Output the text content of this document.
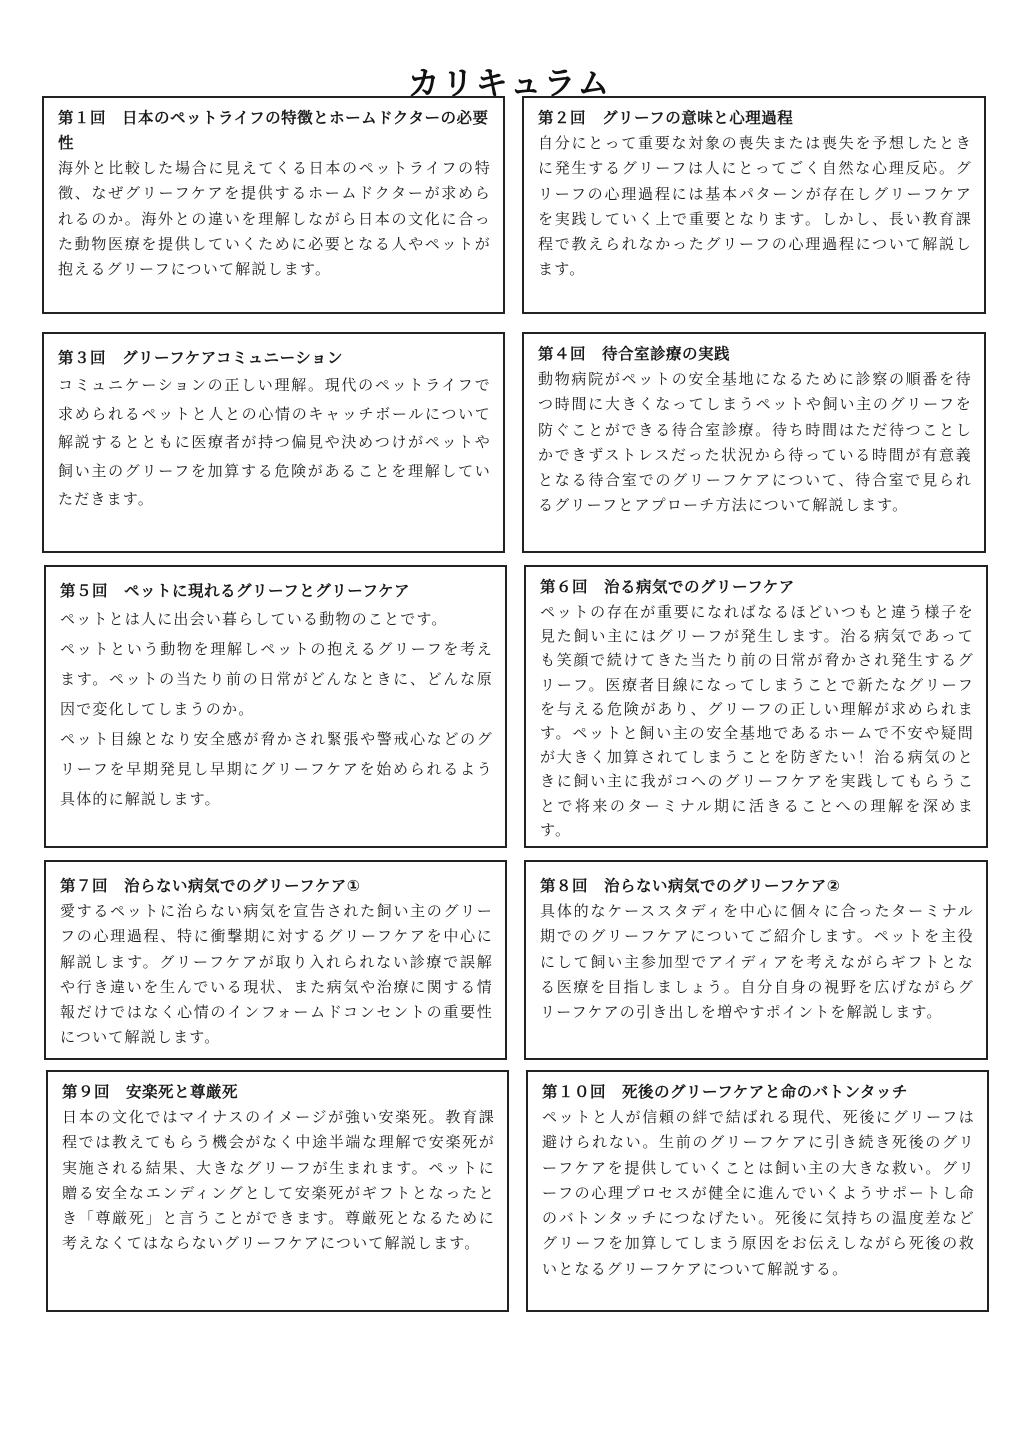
カリキュラム
第１回　日本のペットライフの特徴とホームドクターの必要性
海外と比較した場合に見えてくる日本のペットライフの特徴、なぜグリーフケアを提供するホームドクターが求められるのか。海外との違いを理解しながら日本の文化に合った動物医療を提供していくために必要となる人やペットが抱えるグリーフについて解説します。
第２回　グリーフの意味と心理過程
自分にとって重要な対象の喪失または喪失を予想したときに発生するグリーフは人にとってごく自然な心理反応。グリーフの心理過程には基本パターンが存在しグリーフケアを実践していく上で重要となります。しかし、長い教育課程で教えられなかったグリーフの心理過程について解説します。
第３回　グリーフケアコミュニーション
コミュニケーションの正しい理解。現代のペットライフで求められるペットと人との心情のキャッチボールについて解説するとともに医療者が持つ偏見や決めつけがペットや飼い主のグリーフを加算する危険があることを理解していただきます。
第４回　待合室診療の実践
動物病院がペットの安全基地になるために診察の順番を待つ時間に大きくなってしまうペットや飼い主のグリーフを防ぐことができる待合室診療。待ち時間はただ待つことしかできずストレスだった状況から待っている時間が有意義となる待合室でのグリーフケアについて、待合室で見られるグリーフとアプローチ方法について解説します。
第５回　ペットに現れるグリーフとグリーフケア
ペットとは人に出会い暮らしている動物のことです。
ペットという動物を理解しペットの抱えるグリーフを考えます。ペットの当たり前の日常がどんなときに、どんな原因で変化してしまうのか。
ペット目線となり安全感が脅かされ緊張や警戒心などのグリーフを早期発見し早期にグリーフケアを始められるよう具体的に解説します。
第６回　治る病気でのグリーフケア
ペットの存在が重要になればなるほどいつもと違う様子を見た飼い主にはグリーフが発生します。治る病気であっても笑顔で続けてきた当たり前の日常が脅かされ発生するグリーフ。医療者目線になってしまうことで新たなグリーフを与える危険があり、グリーフの正しい理解が求められます。ペットと飼い主の安全基地であるホームで不安や疑問が大きく加算されてしまうことを防ぎたい！治る病気のときに飼い主に我がコへのグリーフケアを実践してもらうことで将来のターミナル期に活きることへの理解を深めます。
第７回　治らない病気でのグリーフケア①
愛するペットに治らない病気を宣告された飼い主のグリーフの心理過程、特に衝撃期に対するグリーフケアを中心に解説します。グリーフケアが取り入れられない診療で誤解や行き違いを生んでいる現状、また病気や治療に関する情報だけではなく心情のインフォームドコンセントの重要性について解説します。
第８回　治らない病気でのグリーフケア②
具体的なケーススタディを中心に個々に合ったターミナル期でのグリーフケアについてご紹介します。ペットを主役にして飼い主参加型でアイディアを考えながらギフトとなる医療を目指しましょう。自分自身の視野を広げながらグリーフケアの引き出しを増やすポイントを解説します。
第９回　安楽死と尊厳死
日本の文化ではマイナスのイメージが強い安楽死。教育課程では教えてもらう機会がなく中途半端な理解で安楽死が実施される結果、大きなグリーフが生まれます。ペットに贈る安全なエンディングとして安楽死がギフトとなったとき「尊厳死」と言うことができます。尊厳死となるために考えなくてはならないグリーフケアについて解説します。
第１０回　死後のグリーフケアと命のバトンタッチ
ペットと人が信頼の絆で結ばれる現代、死後にグリーフは避けられない。生前のグリーフケアに引き続き死後のグリーフケアを提供していくことは飼い主の大きな救い。グリーフの心理プロセスが健全に進んでいくようサポートし命のバトンタッチにつなげたい。死後に気持ちの温度差などグリーフを加算してしまう原因をお伝えしながら死後の救いとなるグリーフケアについて解説する。
